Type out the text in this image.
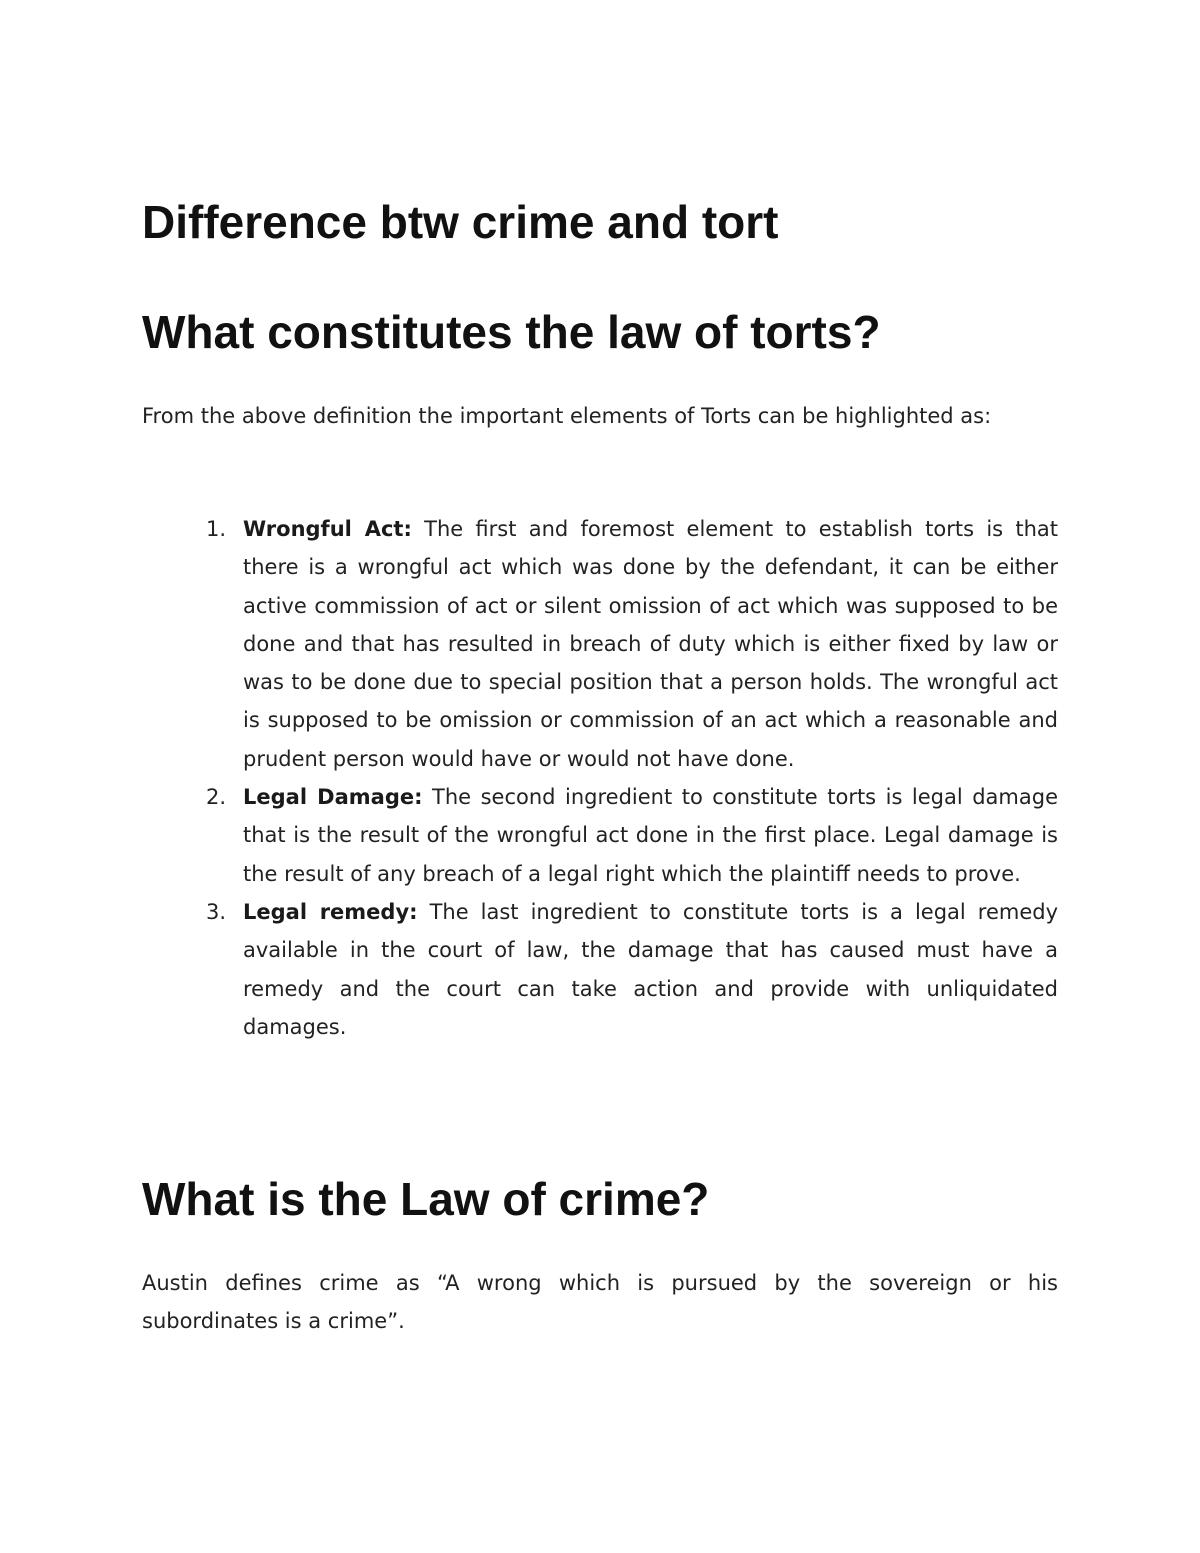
Difference btw crime and tort
What constitutes the law of torts?

From the above definition the important elements of Torts can be highlighted as:

1. Wrongful Act: The first and foremost element to establish torts is that there is a wrongful act which was done by the defendant, it can be either active commission of act or silent omission of act which was supposed to be done and that has resulted in breach of duty which is either fixed by law or was to be done due to special position that a person holds. The wrongful act is supposed to be omission or commission of an act which a reasonable and prudent person would have or would not have done.
2. Legal Damage: The second ingredient to constitute torts is legal damage that is the result of the wrongful act done in the first place. Legal damage is the result of any breach of a legal right which the plaintiff needs to prove.
3. Legal remedy: The last ingredient to constitute torts is a legal remedy available in the court of law, the damage that has caused must have a remedy and the court can take action and provide with unliquidated damages.
What is the Law of crime?

Austin defines crime as “A wrong which is pursued by the sovereign or his subordinates is a crime”.
